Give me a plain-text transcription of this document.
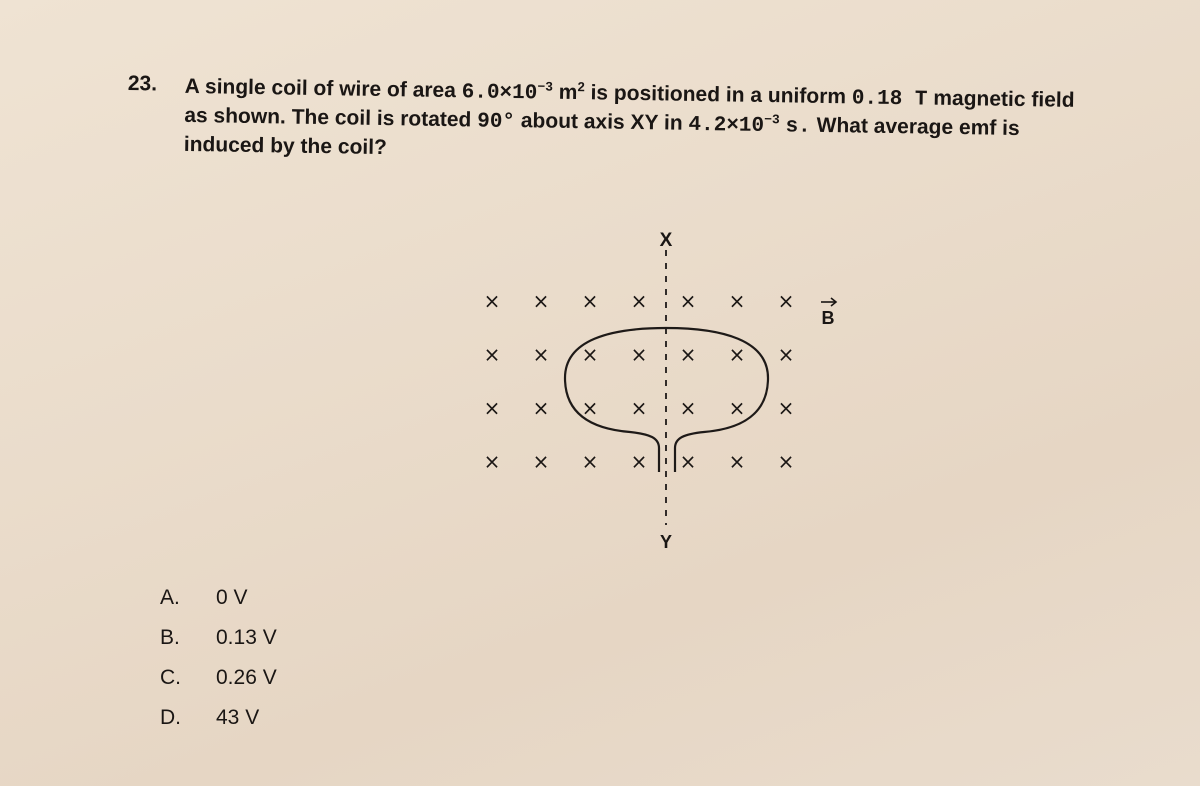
23. A single coil of wire of area $6.0\times 10^{-3}$ $m^2$ is positioned in a uniform 0.18 T magnetic field
as shown. The coil is rotated 90° about axis XY in $4.2\times 10^{-3}$ s. What average emf is
induced by the coil?
× × × × × × ×
× × × × × × ×
× × × × × × ×
× × × × × × ×
X
Y
B
A.	0 V
B.	0.13 V
C.	0.26 V
D.	43 V
